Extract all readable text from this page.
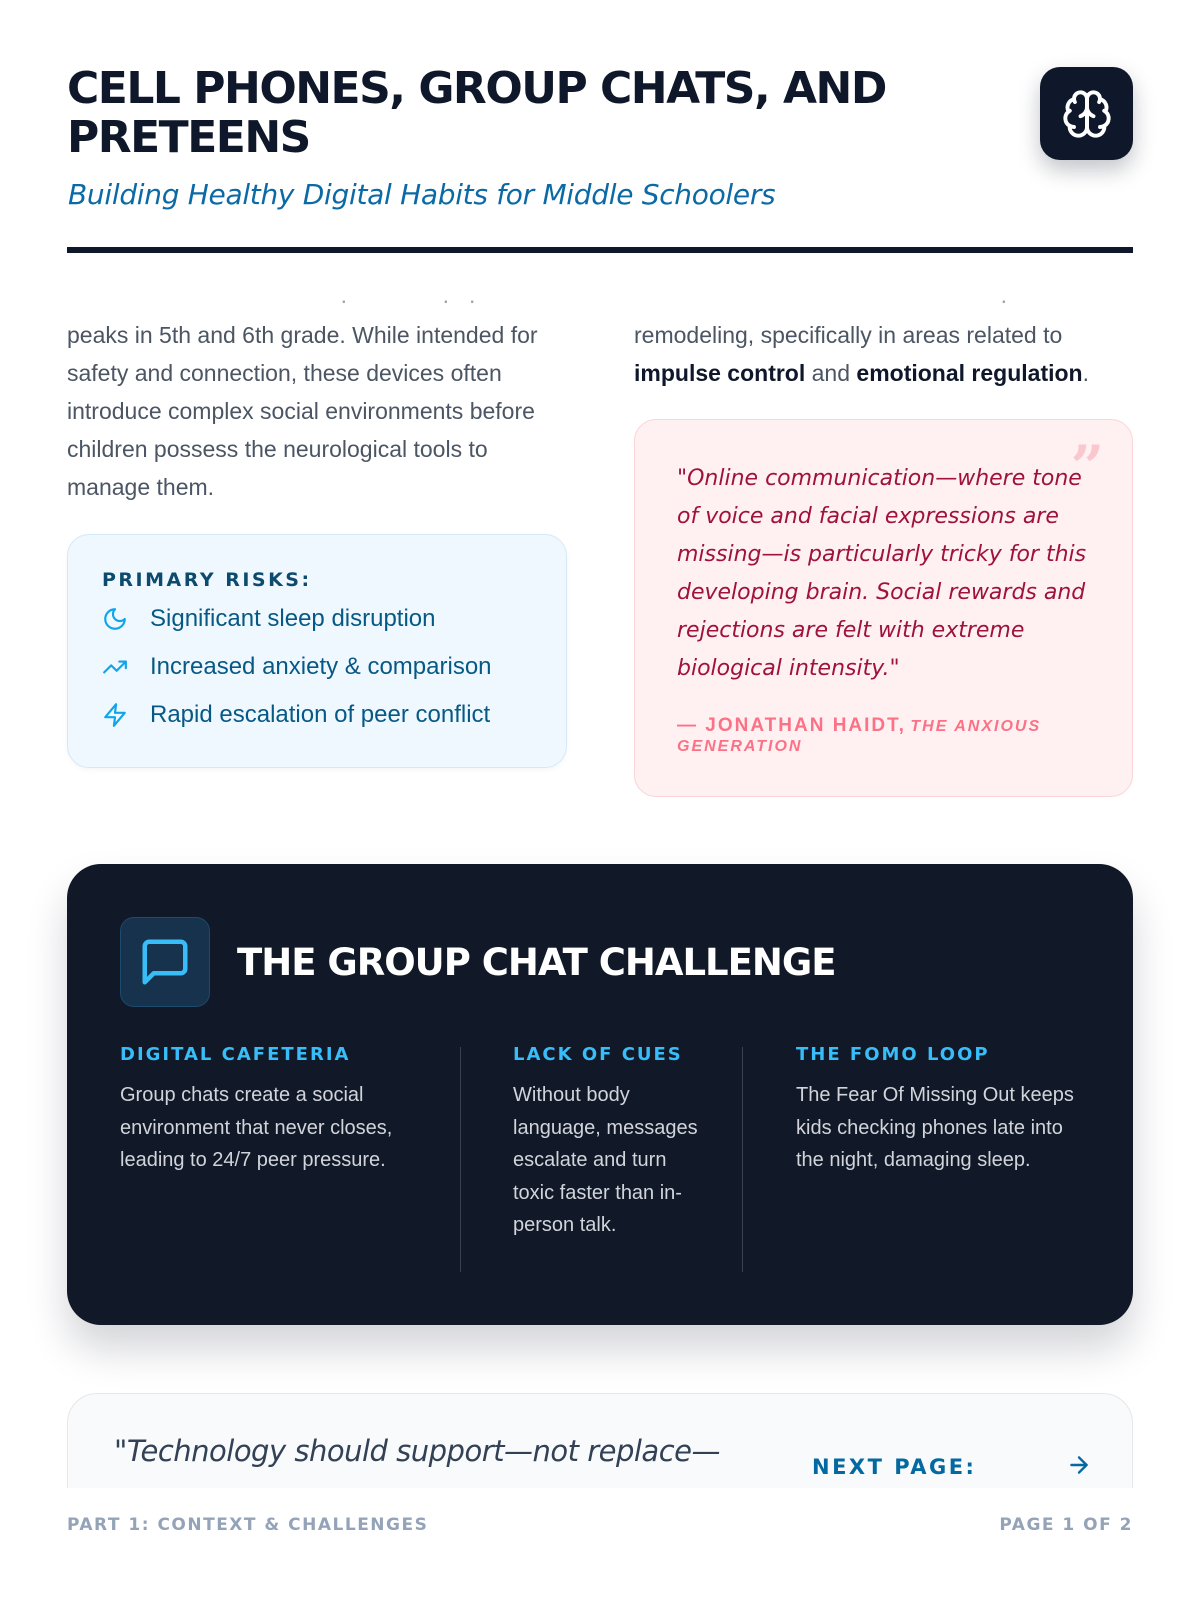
CELL PHONES, GROUP CHATS, AND PRETEENS
Building Healthy Digital Habits for Middle Schoolers
·           ·  ·	·

peaks in 5th and 6th grade. While intended for safety and connection, these devices often introduce complex social environments before children possess the neurological tools to manage them.

remodeling, specifically in areas related to impulse control and emotional regulation.

PRIMARY RISKS:
Significant sleep disruption
Increased anxiety & comparison
Rapid escalation of peer conflict
”

"Online communication—where tone of voice and facial expressions are missing—is particularly tricky for this developing brain. Social rewards and rejections are felt with extreme biological intensity."

— JONATHAN HAIDT, THE ANXIOUS GENERATION
THE GROUP CHAT CHALLENGE
DIGITAL CAFETERIA

Group chats create a social environment that never closes, leading to 24/7 peer pressure.

LACK OF CUES

Without body language, messages escalate and turn toxic faster than in-person talk.

THE FOMO LOOP

The Fear Of Missing Out keeps kids checking phones late into the night, damaging sleep.

"Technology should support—not replace—	NEXT PAGE:
PART 1: CONTEXT & CHALLENGES	PAGE 1 OF 2
